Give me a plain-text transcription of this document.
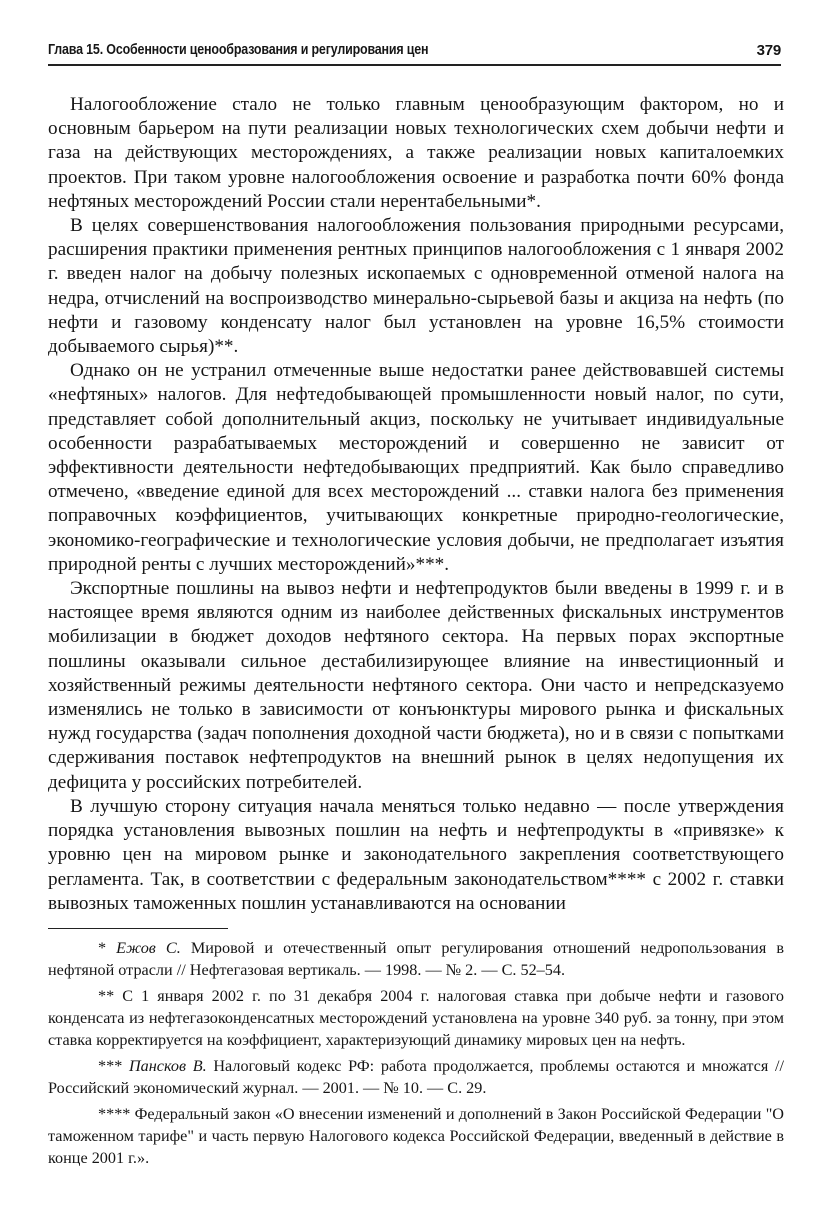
Глава 15. Особенности ценообразования и регулирования цен	379

Налогообложение стало не только главным ценообразующим фактором, но и основным барьером на пути реализации новых технологических схем добычи нефти и газа на действующих месторождениях, а также реализации новых капиталоемких проектов. При таком уровне налогообложения освоение и разработка почти 60% фонда нефтяных месторождений России стали нерентабельными*.

В целях совершенствования налогообложения пользования природными ресурсами, расширения практики применения рентных принципов налогообложения с 1 января 2002 г. введен налог на добычу полезных ископаемых с одновременной отменой налога на недра, отчислений на воспроизводство минерально-сырьевой базы и акциза на нефть (по нефти и газовому конденсату налог был установлен на уровне 16,5% стоимости добываемого сырья)**.

Однако он не устранил отмеченные выше недостатки ранее действовавшей системы «нефтяных» налогов. Для нефтедобывающей промышленности новый налог, по сути, представляет собой дополнительный акциз, поскольку не учитывает индивидуальные особенности разрабатываемых месторождений и совершенно не зависит от эффективности деятельности нефтедобывающих предприятий. Как было справедливо отмечено, «введение единой для всех месторождений ... ставки налога без применения поправочных коэффициентов, учитывающих конкретные природно-геологические, экономико-географические и технологические условия добычи, не предполагает изъятия природной ренты с лучших месторождений»***.

Экспортные пошлины на вывоз нефти и нефтепродуктов были введены в 1999 г. и в настоящее время являются одним из наиболее действенных фискальных инструментов мобилизации в бюджет доходов нефтяного сектора. На первых порах экспортные пошлины оказывали сильное дестабилизирующее влияние на инвестиционный и хозяйственный режимы деятельности нефтяного сектора. Они часто и непредсказуемо изменялись не только в зависимости от конъюнктуры мирового рынка и фискальных нужд государства (задач пополнения доходной части бюджета), но и в связи с попытками сдерживания поставок нефтепродуктов на внешний рынок в целях недопущения их дефицита у российских потребителей.

В лучшую сторону ситуация начала меняться только недавно — после утверждения порядка установления вывозных пошлин на нефть и нефтепродукты в «привязке» к уровню цен на мировом рынке и законодательного закрепления соответствующего регламента. Так, в соответствии с федеральным законодательством**** с 2002 г. ставки вывозных таможенных пошлин устанавливаются на основании

* Ежов С. Мировой и отечественный опыт регулирования отношений недропользования в нефтяной отрасли // Нефтегазовая вертикаль. — 1998. — № 2. — С. 52–54.

** С 1 января 2002 г. по 31 декабря 2004 г. налоговая ставка при добыче нефти и газового конденсата из нефтегазоконденсатных месторождений установлена на уровне 340 руб. за тонну, при этом ставка корректируется на коэффициент, характеризующий динамику мировых цен на нефть.

*** Пансков В. Налоговый кодекс РФ: работа продолжается, проблемы остаются и множатся // Российский экономический журнал. — 2001. — № 10. — С. 29.

**** Федеральный закон «О внесении изменений и дополнений в Закон Российской Федерации "О таможенном тарифе" и часть первую Налогового кодекса Российской Федерации, введенный в действие в конце 2001 г.».
